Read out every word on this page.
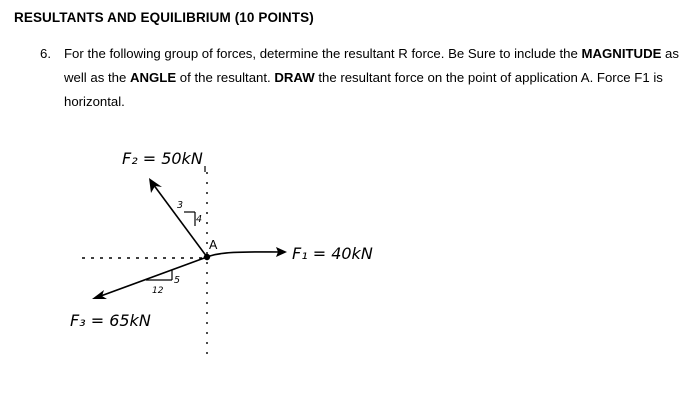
RESULTANTS AND EQUILIBRIUM (10 POINTS)
6. For the following group of forces, determine the resultant R force. Be Sure to include the MAGNITUDE as
well as the ANGLE of the resultant. DRAW the resultant force on the point of application A. Force F1 is
horizontal.
A	F₁ = 40kN
F₂ = 50kN
F₃ = 65kN
3
4
5
12
